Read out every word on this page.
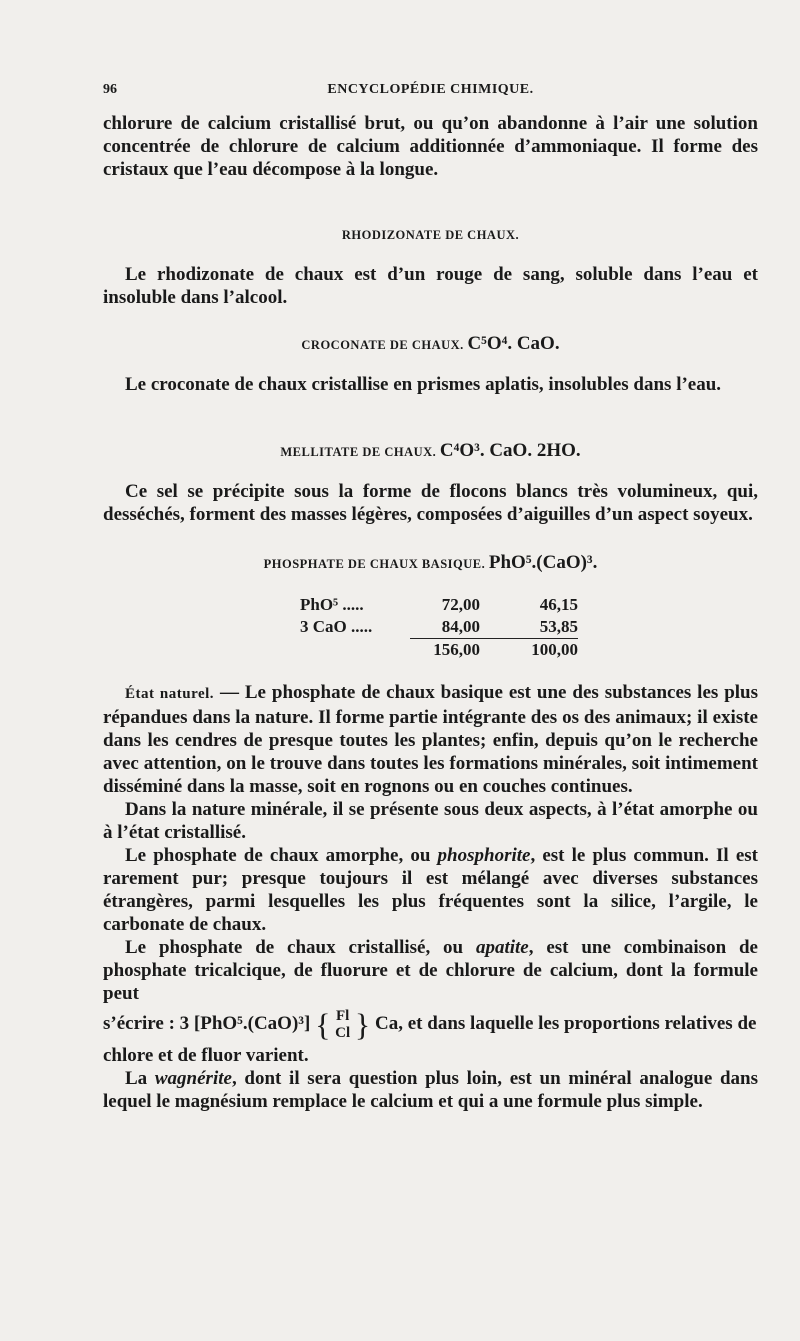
96	ENCYCLOPÉDIE CHIMIQUE.

chlorure de calcium cristallisé brut, ou qu’on abandonne à l’air une solution concentrée de chlorure de calcium additionnée d’ammoniaque. Il forme des cristaux que l’eau décompose à la longue.

RHODIZONATE DE CHAUX.

Le rhodizonate de chaux est d’un rouge de sang, soluble dans l’eau et insoluble dans l’alcool.

CROCONATE DE CHAUX. C⁵O⁴. CaO.

Le croconate de chaux cristallise en prismes aplatis, insolubles dans l’eau.

MELLITATE DE CHAUX. C⁴O³. CaO. 2HO.

Ce sel se précipite sous la forme de flocons blancs très volumineux, qui, desséchés, forment des masses légères, composées d’aiguilles d’un aspect soyeux.

PHOSPHATE DE CHAUX BASIQUE. PhO⁵.(CaO)³.
PhO⁵ .....	72,00	46,15
3 CaO .....	84,00	53,85
	156,00	100,00

État naturel. — Le phosphate de chaux basique est une des substances les plus répandues dans la nature. Il forme partie intégrante des os des animaux; il existe dans les cendres de presque toutes les plantes; enfin, depuis qu’on le recherche avec attention, on le trouve dans toutes les formations minérales, soit intimement disséminé dans la masse, soit en rognons ou en couches continues.

Dans la nature minérale, il se présente sous deux aspects, à l’état amorphe ou à l’état cristallisé.

Le phosphate de chaux amorphe, ou phosphorite, est le plus commun. Il est rarement pur; presque toujours il est mélangé avec diverses substances étrangères, parmi lesquelles les plus fréquentes sont la silice, l’argile, le carbonate de chaux.

Le phosphate de chaux cristallisé, ou apatite, est une combinaison de phosphate tricalcique, de fluorure et de chlorure de calcium, dont la formule peut

s’écrire : 3 [PhO⁵.(CaO)³] { Fl
Cl } Ca, et dans laquelle les proportions relatives de

chlore et de fluor varient.

La wagnérite, dont il sera question plus loin, est un minéral analogue dans lequel le magnésium remplace le calcium et qui a une formule plus simple.
